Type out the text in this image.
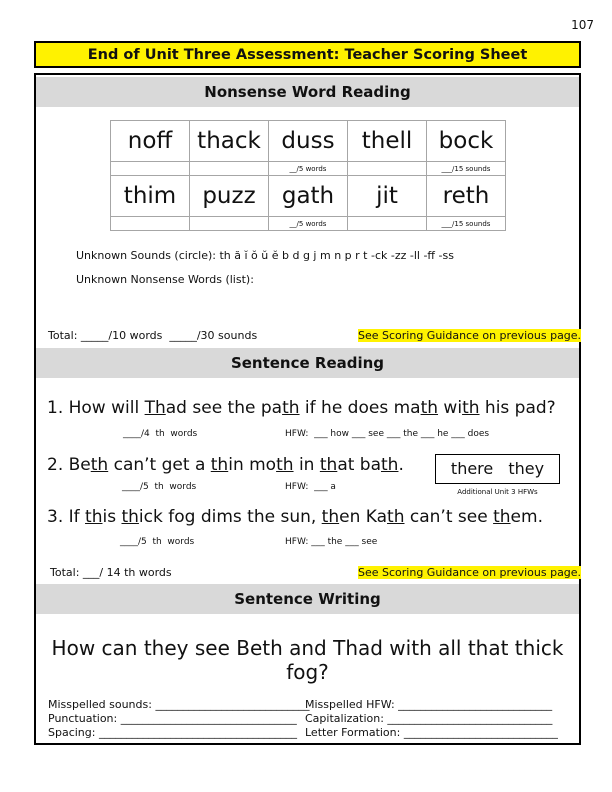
107
End of Unit Three Assessment: Teacher Scoring Sheet
Nonsense Word Reading
noff	thack	duss	thell	bock
		__/5 words		___/15 sounds
thim	puzz	gath	jit	reth
		__/5 words		___/15 sounds
Unknown Sounds (circle): th ă ĭ ŏ ŭ ĕ b d g j m n p r t -ck -zz -ll -ff -ss
Unknown Nonsense Words (list):
Total: _____/10 words  _____/30 sounds	See Scoring Guidance on previous page.
Sentence Reading
1. How will Thad see the path if he does math with his pad?
____/4  th  words	HFW:  ___ how ___ see ___ the ___ he ___ does
2. Beth can’t get a thin moth in that bath.
____/5  th  words	HFW:  ___ a
there they
Additional Unit 3 HFWs
3. If this thick fog dims the sun, then Kath can’t see them.
____/5  th  words	HFW: ___ the ___ see
Total: ___/ 14 th words	See Scoring Guidance on previous page.
Sentence Writing
How can they see Beth and Thad with all that thick fog?
Misspelled sounds: ____________________________
Misspelled HFW: ____________________________
Punctuation: ________________________________ Capitalization: ______________________________
Spacing: ____________________________________ Letter Formation: ____________________________
